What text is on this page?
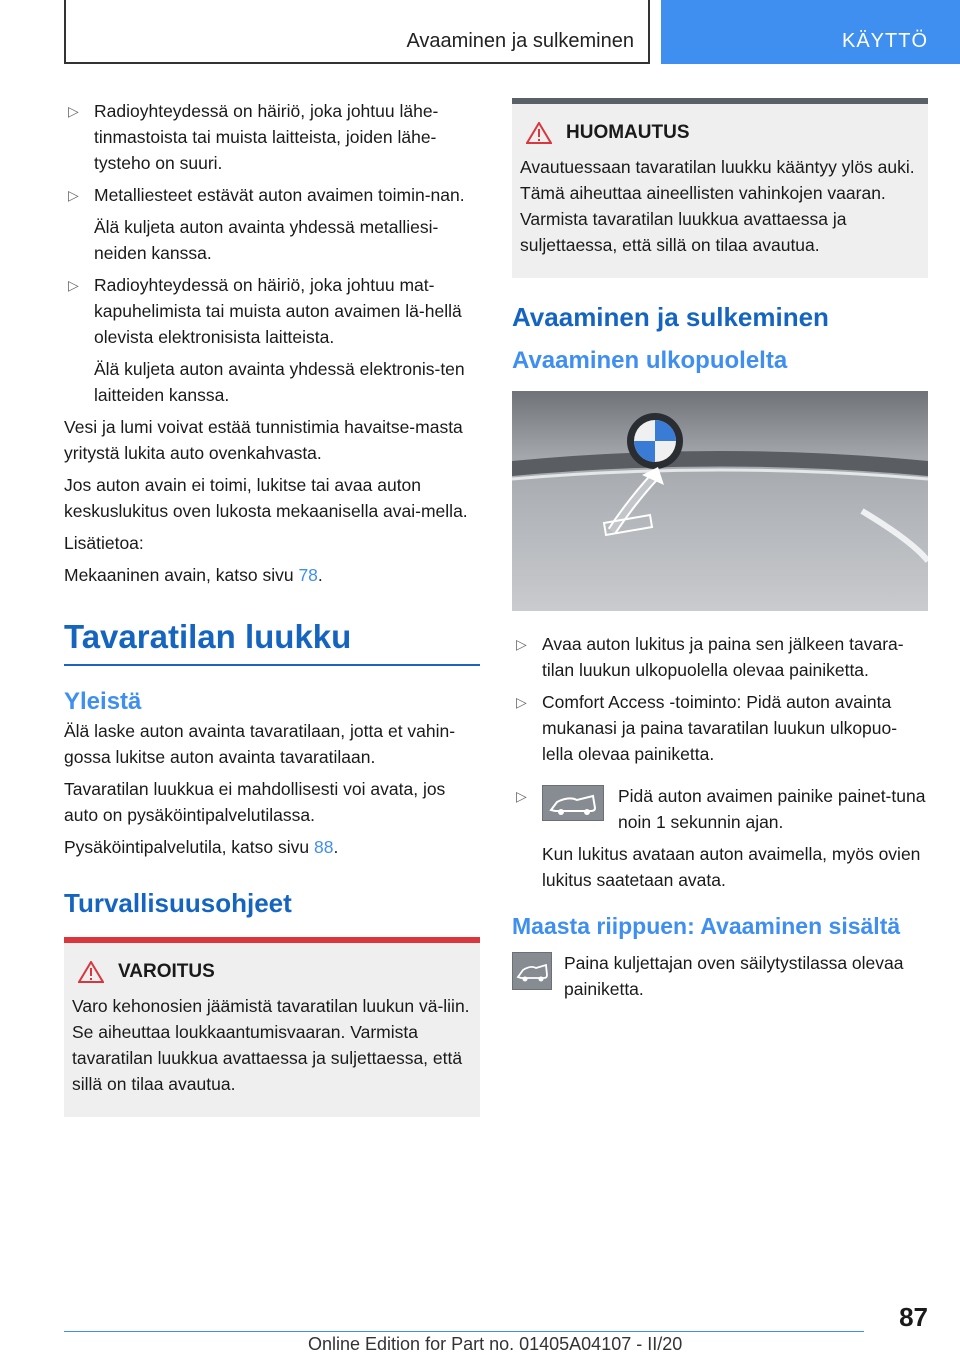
Avaaminen ja sulkeminen	KÄYTTÖ
▷ Radioyhteydessä on häiriö, joka johtuu lähe-tinmastoista tai muista laitteista, joiden lähe-tysteho on suuri.
▷ Metalliesteet estävät auton avaimen toimin-nan.
Älä kuljeta auton avainta yhdessä metalliesi-neiden kanssa.
▷ Radioyhteydessä on häiriö, joka johtuu mat-kapuhelimista tai muista auton avaimen lä-hellä olevista elektronisista laitteista.
Älä kuljeta auton avainta yhdessä elektronis-ten laitteiden kanssa.

Vesi ja lumi voivat estää tunnistimia havaitse-masta yritystä lukita auto ovenkahvasta.

Jos auton avain ei toimi, lukitse tai avaa auton keskuslukitus oven lukosta mekaanisella avai-mella.

Lisätietoa:

Mekaaninen avain, katso sivu 78.

Tavaratilan luukku
Yleistä

Älä laske auton avainta tavaratilaan, jotta et vahin-gossa lukitse auton avainta tavaratilaan.

Tavaratilan luukkua ei mahdollisesti voi avata, jos auto on pysäköintipalvelutilassa.

Pysäköintipalvelutila, katso sivu 88.

Turvallisuusohjeet
VAROITUS

Varo kehonosien jäämistä tavaratilan luukun vä-liin. Se aiheuttaa loukkaantumisvaaran. Varmista tavaratilan luukkua avattaessa ja suljettaessa, että sillä on tilaa avautua.

HUOMAUTUS

Avautuessaan tavaratilan luukku kääntyy ylös auki. Tämä aiheuttaa aineellisten vahinkojen vaaran. Varmista tavaratilan luukkua avattaessa ja suljettaessa, että sillä on tilaa avautua.

Avaaminen ja sulkeminen
Avaaminen ulkopuolelta
▷ Avaa auton lukitus ja paina sen jälkeen tavara-tilan luukun ulkopuolella olevaa painiketta.
▷ Comfort Access -toiminto: Pidä auton avainta mukanasi ja paina tavaratilan luukun ulkopuo-lella olevaa painiketta.
▷	Pidä auton avaimen painike painet-tuna noin 1 sekunnin ajan.
Kun lukitus avataan auton avaimella, myös ovien lukitus saatetaan avata.
Maasta riippuen: Avaaminen sisältä

Paina kuljettajan oven säilytystilassa olevaa painiketta.

87
Online Edition for Part no. 01405A04107 - II/20
